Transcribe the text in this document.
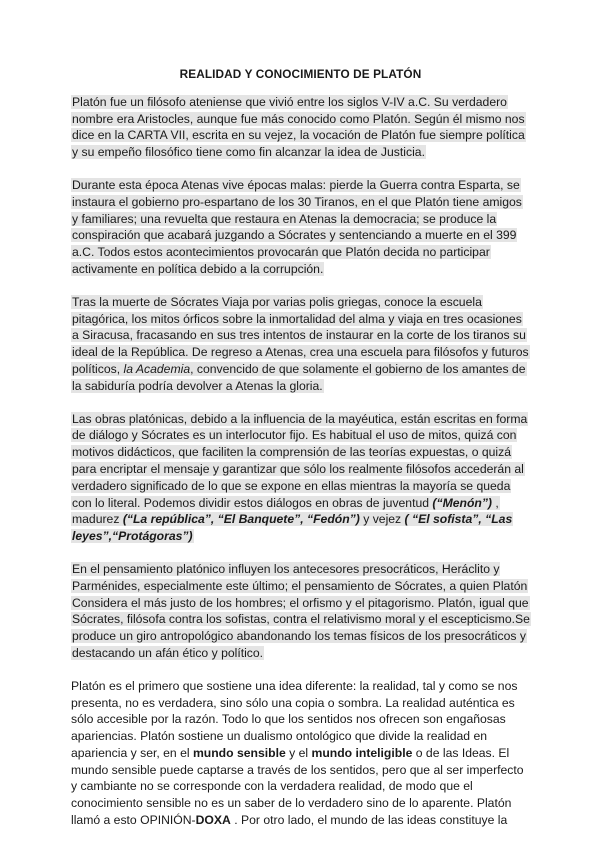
REALIDAD Y CONOCIMIENTO DE PLATÓN

Platón fue un filósofo ateniense que vivió entre los siglos V-IV a.C. Su verdadero nombre era Aristocles, aunque fue más conocido como Platón. Según él mismo nos dice en la CARTA VII, escrita en su vejez, la vocación de Platón fue siempre política y su empeño filosófico tiene como fin alcanzar la idea de Justicia.

Durante esta época Atenas vive épocas malas: pierde la Guerra contra Esparta, se instaura el gobierno pro-espartano de los 30 Tiranos, en el que Platón tiene amigos y familiares; una revuelta que restaura en Atenas la democracia; se produce la conspiración que acabará juzgando a Sócrates y sentenciando a muerte en el 399 a.C. Todos estos acontecimientos provocarán que Platón decida no participar activamente en política debido a la corrupción.

Tras la muerte de Sócrates Viaja por varias polis griegas, conoce la escuela pitagórica, los mitos órficos sobre la inmortalidad del alma y viaja en tres ocasiones a Siracusa, fracasando en sus tres intentos de instaurar en la corte de los tiranos su ideal de la República. De regreso a Atenas, crea una escuela para filósofos y futuros políticos, la Academia, convencido de que solamente el gobierno de los amantes de la sabiduría podría devolver a Atenas la gloria.

Las obras platónicas, debido a la influencia de la mayéutica, están escritas en forma de diálogo y Sócrates es un interlocutor fijo. Es habitual el uso de mitos, quizá con motivos didácticos, que faciliten la comprensión de las teorías expuestas, o quizá para encriptar el mensaje y garantizar que sólo los realmente filósofos accederán al verdadero significado de lo que se expone en ellas mientras la mayoría se queda con lo literal. Podemos dividir estos diálogos en obras de juventud (“Menón”) , madurez (“La república”, “El Banquete”, “Fedón”) y vejez ( “El sofista”, “Las leyes”,“Protágoras”)

En el pensamiento platónico influyen los antecesores presocráticos, Heráclito y Parménides, especialmente este último; el pensamiento de Sócrates, a quien Platón Considera el más justo de los hombres; el orfismo y el pitagorismo. Platón, igual que Sócrates, filósofa contra los sofistas, contra el relativismo moral y el escepticismo.Se produce un giro antropológico abandonando los temas físicos de los presocráticos y destacando un afán ético y político.

Platón es el primero que sostiene una idea diferente: la realidad, tal y como se nos presenta, no es verdadera, sino sólo una copia o sombra. La realidad auténtica es sólo accesible por la razón. Todo lo que los sentidos nos ofrecen son engañosas apariencias. Platón sostiene un dualismo ontológico que divide la realidad en apariencia y ser, en el mundo sensible y el mundo inteligible o de las Ideas. El mundo sensible puede captarse a través de los sentidos, pero que al ser imperfecto y cambiante no se corresponde con la verdadera realidad, de modo que el conocimiento sensible no es un saber de lo verdadero sino de lo aparente. Platón llamó a esto OPINIÓN-DOXA . Por otro lado, el mundo de las ideas constituye la
